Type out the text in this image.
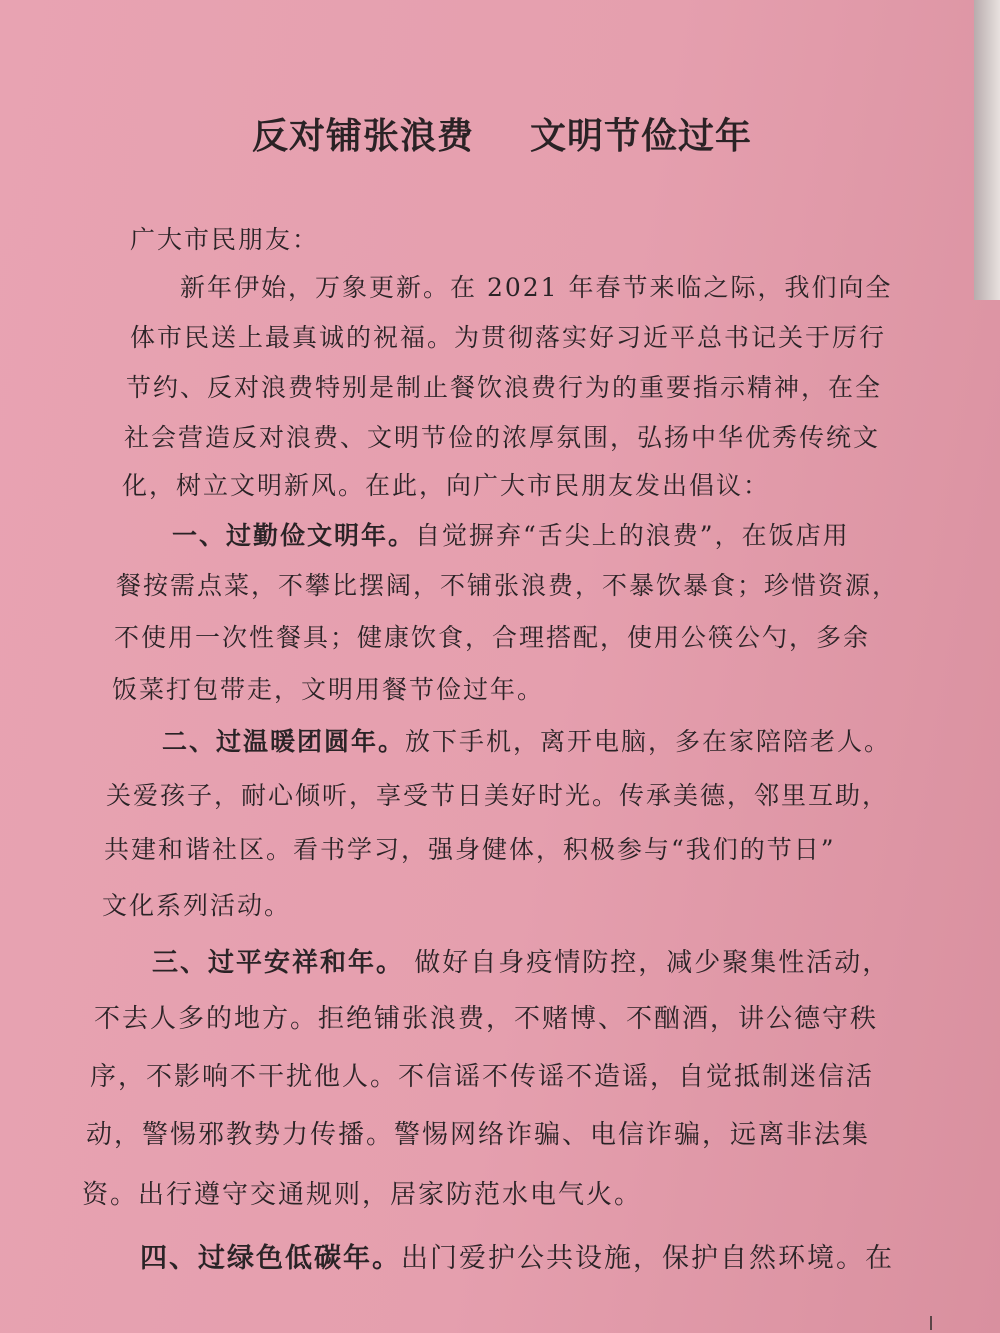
反对铺张浪费 文明节俭过年
广大市民朋友：
新年伊始，万象更新。在 2021 年春节来临之际，我们向全
体市民送上最真诚的祝福。为贯彻落实好习近平总书记关于厉行
节约、反对浪费特别是制止餐饮浪费行为的重要指示精神，在全
社会营造反对浪费、文明节俭的浓厚氛围，弘扬中华优秀传统文
化，树立文明新风。在此，向广大市民朋友发出倡议：
一、过勤俭文明年。自觉摒弃“舌尖上的浪费”，在饭店用
餐按需点菜，不攀比摆阔，不铺张浪费，不暴饮暴食；珍惜资源，
不使用一次性餐具；健康饮食，合理搭配，使用公筷公勺，多余
饭菜打包带走，文明用餐节俭过年。
二、过温暖团圆年。放下手机，离开电脑，多在家陪陪老人。
关爱孩子，耐心倾听，享受节日美好时光。传承美德，邻里互助，
共建和谐社区。看书学习，强身健体，积极参与“我们的节日”
文化系列活动。
三、过平安祥和年。 做好自身疫情防控，减少聚集性活动，
不去人多的地方。拒绝铺张浪费，不赌博、不酗酒，讲公德守秩
序，不影响不干扰他人。不信谣不传谣不造谣，自觉抵制迷信活
动，警惕邪教势力传播。警惕网络诈骗、电信诈骗，远离非法集
资。出行遵守交通规则，居家防范水电气火。
四、过绿色低碳年。出门爱护公共设施，保护自然环境。在
